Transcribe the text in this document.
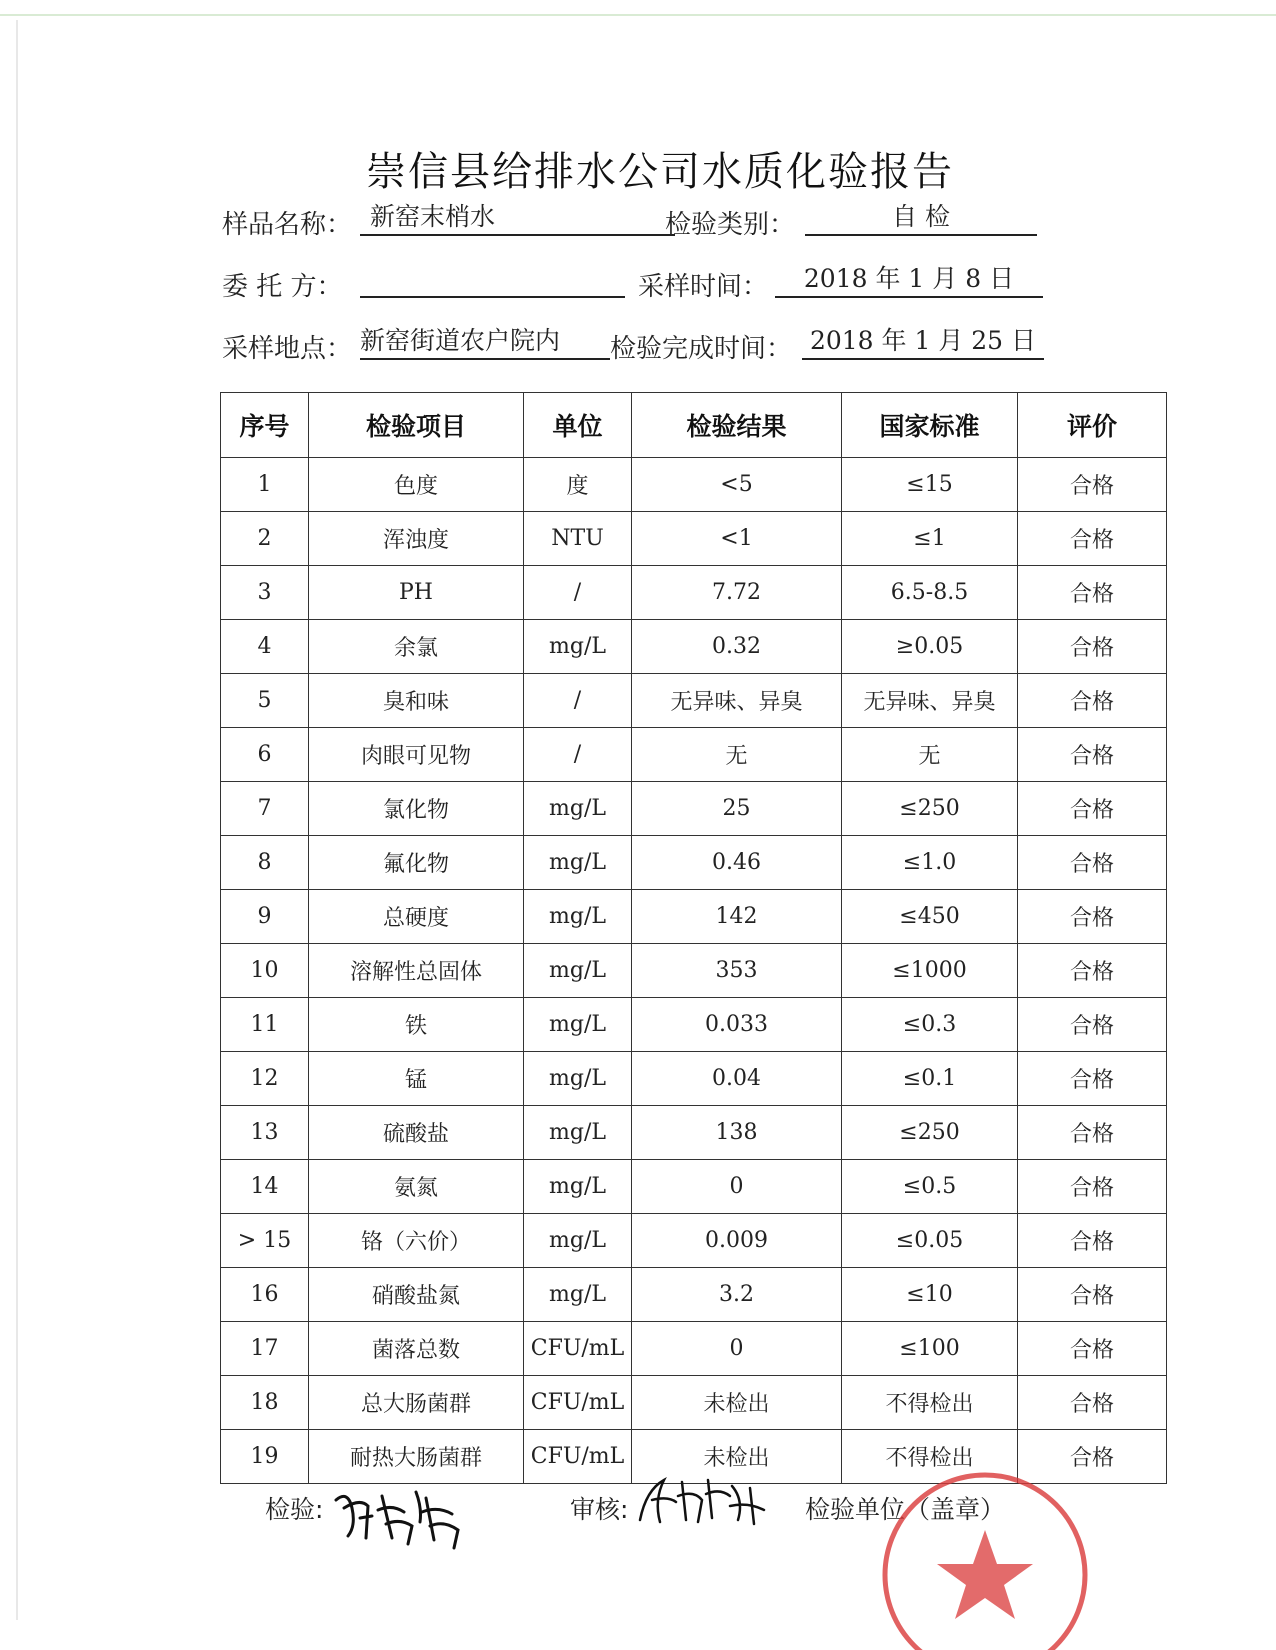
崇信县给排水公司水质化验报告
样品名称： 新窑末梢水	检验类别：	自 检
委 托 方：	采样时间：	2018 年 1 月 8 日
采样地点： 新窑街道农户院内	检验完成时间： 2018 年 1 月 25 日
序号	检验项目	单位	检验结果	国家标准	评价
1	色度	度	<5	≤15	合格
2	浑浊度	NTU	<1	≤1	合格
3	PH	/	7.72	6.5-8.5	合格
4	余氯	mg/L	0.32	≥0.05	合格
5	臭和味	/	无异味、异臭	无异味、异臭	合格
6	肉眼可见物	/	无	无	合格
7	氯化物	mg/L	25	≤250	合格
8	氟化物	mg/L	0.46	≤1.0	合格
9	总硬度	mg/L	142	≤450	合格
10	溶解性总固体	mg/L	353	≤1000	合格
11	铁	mg/L	0.033	≤0.3	合格
12	锰	mg/L	0.04	≤0.1	合格
13	硫酸盐	mg/L	138	≤250	合格
14	氨氮	mg/L	0	≤0.5	合格
> 15	铬（六价）	mg/L	0.009	≤0.05	合格
16	硝酸盐氮	mg/L	3.2	≤10	合格
17	菌落总数	CFU/mL	0	≤100	合格
18	总大肠菌群	CFU/mL	未检出	不得检出	合格
19	耐热大肠菌群	CFU/mL	未检出	不得检出	合格
检验:	审核:	检验单位（盖章）
